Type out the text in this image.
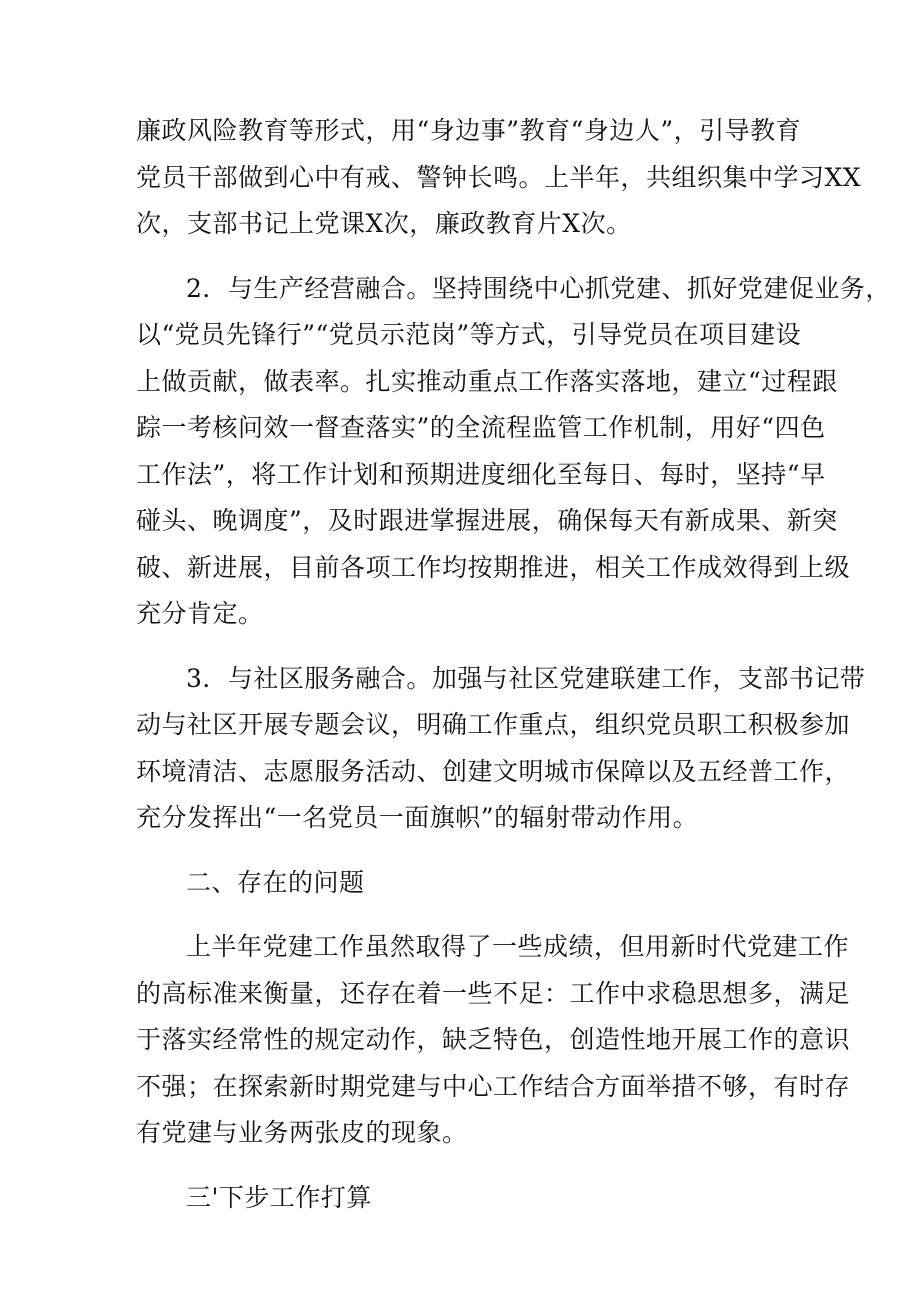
廉政风险教育等形式，用“身边事”教育“身边人”，引导教育
党员干部做到心中有戒、警钟长鸣。上半年，共组织集中学习XX
次，支部书记上党课X次，廉政教育片X次。
2．与生产经营融合。坚持围绕中心抓党建、抓好党建促业务，
以“党员先锋行”“党员示范岗”等方式，引导党员在项目建设
上做贡献，做表率。扎实推动重点工作落实落地，建立“过程跟
踪一考核问效一督查落实”的全流程监管工作机制，用好“四色
工作法”，将工作计划和预期进度细化至每日、每时，坚持“早
碰头、晚调度”，及时跟进掌握进展，确保每天有新成果、新突
破、新进展，目前各项工作均按期推进，相关工作成效得到上级
充分肯定。
3．与社区服务融合。加强与社区党建联建工作，支部书记带
动与社区开展专题会议，明确工作重点，组织党员职工积极参加
环境清洁、志愿服务活动、创建文明城市保障以及五经普工作，
充分发挥出“一名党员一面旗帜”的辐射带动作用。
二、存在的问题
上半年党建工作虽然取得了一些成绩，但用新时代党建工作
的高标准来衡量，还存在着一些不足：工作中求稳思想多，满足
于落实经常性的规定动作，缺乏特色，创造性地开展工作的意识
不强；在探索新时期党建与中心工作结合方面举措不够，有时存
有党建与业务两张皮的现象。
三'下步工作打算
